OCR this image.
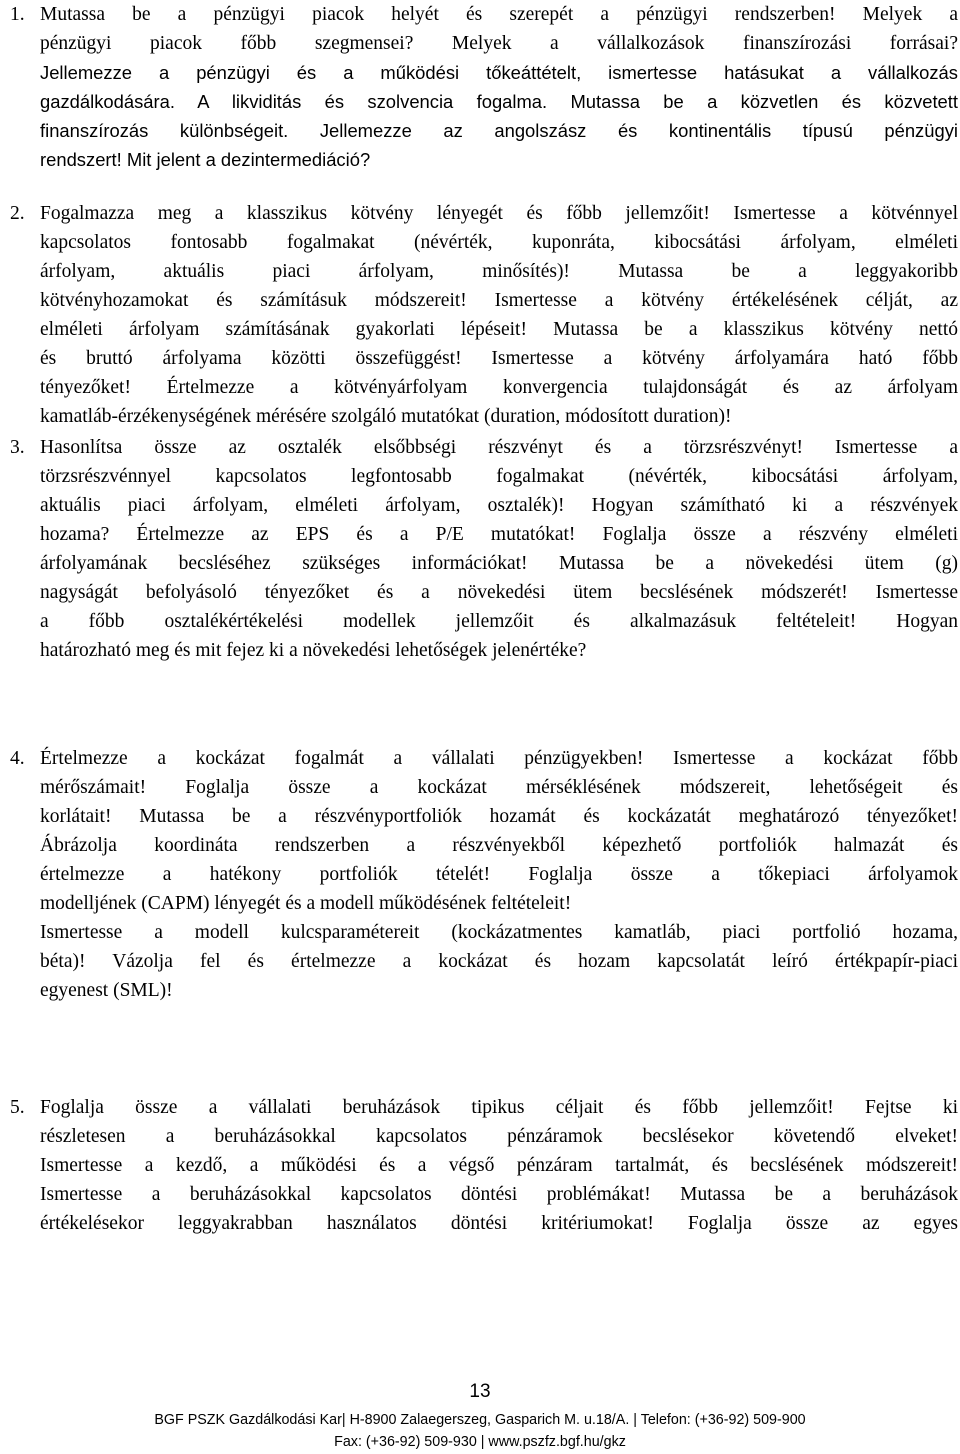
1. Mutassa be a pénzügyi piacok helyét és szerepét a pénzügyi rendszerben! Melyek a
pénzügyi piacok főbb szegmensei? Melyek a vállalkozások finanszírozási forrásai?
Jellemezze a pénzügyi és a működési tőkeáttételt, ismertesse hatásukat a vállalkozás
gazdálkodására. A likviditás és szolvencia fogalma. Mutassa be a közvetlen és közvetett
finanszírozás különbségeit. Jellemezze az angolszász és kontinentális típusú pénzügyi
rendszert! Mit jelent a dezintermediáció?
2. Fogalmazza meg a klasszikus kötvény lényegét és főbb jellemzőit! Ismertesse a kötvénnyel
kapcsolatos fontosabb fogalmakat (névérték, kuponráta, kibocsátási árfolyam, elméleti
árfolyam, aktuális piaci árfolyam, minősítés)! Mutassa be a leggyakoribb
kötvényhozamokat és számításuk módszereit! Ismertesse a kötvény értékelésének célját, az
elméleti árfolyam számításának gyakorlati lépéseit! Mutassa be a klasszikus kötvény nettó
és bruttó árfolyama közötti összefüggést! Ismertesse a kötvény árfolyamára ható főbb
tényezőket! Értelmezze a kötvényárfolyam konvergencia tulajdonságát és az árfolyam
kamatláb-érzékenységének mérésére szolgáló mutatókat (duration, módosított duration)!
3. Hasonlítsa össze az osztalék elsőbbségi részvényt és a törzsrészvényt! Ismertesse a
törzsrészvénnyel kapcsolatos legfontosabb fogalmakat (névérték, kibocsátási árfolyam,
aktuális piaci árfolyam, elméleti árfolyam, osztalék)! Hogyan számítható ki a részvények
hozama? Értelmezze az EPS és a P/E mutatókat! Foglalja össze a részvény elméleti
árfolyamának becsléséhez szükséges információkat! Mutassa be a növekedési ütem (g)
nagyságát befolyásoló tényezőket és a növekedési ütem becslésének módszerét! Ismertesse
a főbb osztalékértékelési modellek jellemzőit és alkalmazásuk feltételeit! Hogyan
határozható meg és mit fejez ki a növekedési lehetőségek jelenértéke?
4. Értelmezze a kockázat fogalmát a vállalati pénzügyekben! Ismertesse a kockázat főbb
mérőszámait! Foglalja össze a kockázat mérséklésének módszereit, lehetőségeit és
korlátait! Mutassa be a részvényportfoliók hozamát és kockázatát meghatározó tényezőket!
Ábrázolja koordináta rendszerben a részvényekből képezhető portfoliók halmazát és
értelmezze a hatékony portfoliók tételét! Foglalja össze a tőkepiaci árfolyamok
modelljének (CAPM) lényegét és a modell működésének feltételeit!
Ismertesse a modell kulcsparamétereit (kockázatmentes kamatláb, piaci portfolió hozama,
béta)! Vázolja fel és értelmezze a kockázat és hozam kapcsolatát leíró értékpapír-piaci
egyenest (SML)!
5. Foglalja össze a vállalati beruházások tipikus céljait és főbb jellemzőit! Fejtse ki
részletesen a beruházásokkal kapcsolatos pénzáramok becslésekor követendő elveket!
Ismertesse a kezdő, a működési és a végső pénzáram tartalmát, és becslésének módszereit!
Ismertesse a beruházásokkal kapcsolatos döntési problémákat! Mutassa be a beruházások
értékelésekor leggyakrabban használatos döntési kritériumokat! Foglalja össze az egyes
13
BGF PSZK Gazdálkodási Kar| H-8900 Zalaegerszeg, Gasparich M. u.18/A. | Telefon: (+36-92) 509-900
Fax: (+36-92) 509-930 | www.pszfz.bgf.hu/gkz
